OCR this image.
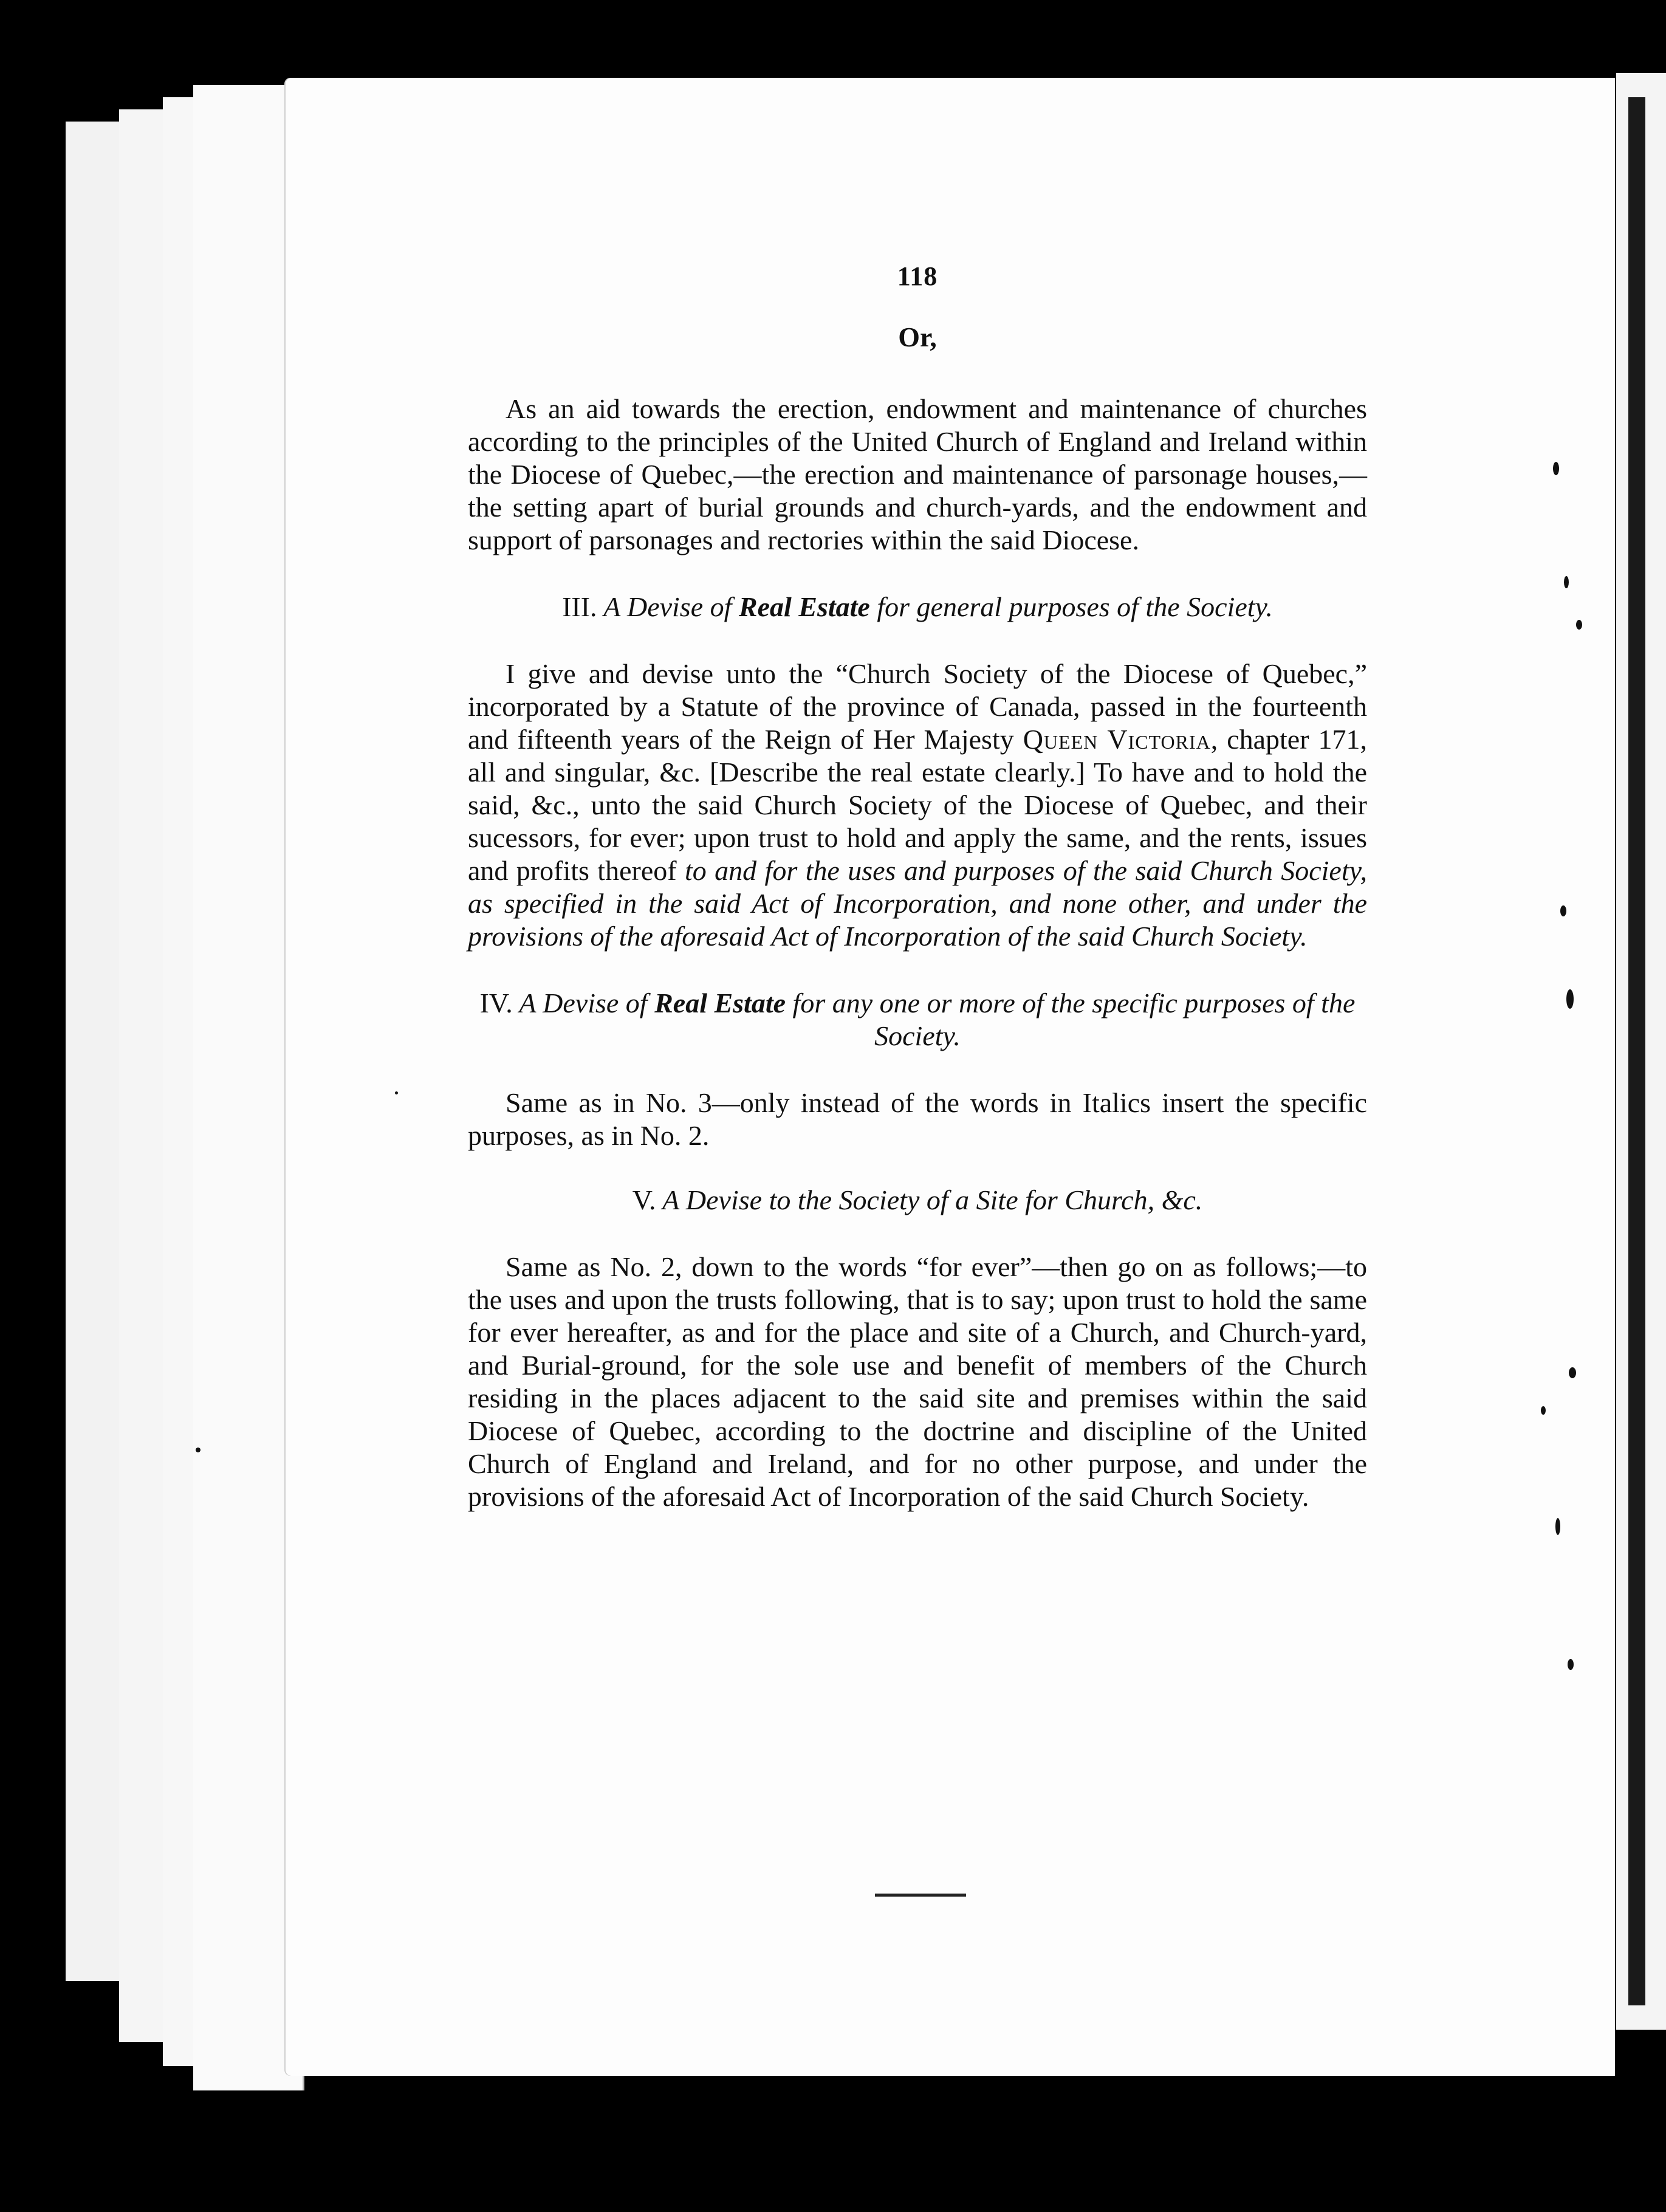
118
Or,

As an aid towards the erection, endowment and maintenance of churches according to the principles of the United Church of England and Ireland within the Diocese of Quebec,—the erection and maintenance of parsonage houses,—the setting apart of burial grounds and church-yards, and the endowment and support of parsonages and rectories within the said Diocese.

III. A Devise of Real Estate for general purposes of the Society.

I give and devise unto the “Church Society of the Diocese of Quebec,” incorporated by a Statute of the province of Canada, passed in the fourteenth and fifteenth years of the Reign of Her Majesty Queen Victoria, chapter 171, all and singular, &c. [Describe the real estate clearly.] To have and to hold the said, &c., unto the said Church Society of the Diocese of Quebec, and their sucessors, for ever; upon trust to hold and apply the same, and the rents, issues and profits thereof to and for the uses and purposes of the said Church Society, as specified in the said Act of Incorporation, and none other, and under the provisions of the aforesaid Act of Incorporation of the said Church Society.

IV. A Devise of Real Estate for any one or more of the specific purposes of the Society.

Same as in No. 3—only instead of the words in Italics insert the specific purposes, as in No. 2.

V. A Devise to the Society of a Site for Church, &c.

Same as No. 2, down to the words “for ever”—then go on as follows;—to the uses and upon the trusts following, that is to say; upon trust to hold the same for ever hereafter, as and for the place and site of a Church, and Church-yard, and Burial-ground, for the sole use and benefit of members of the Church residing in the places adjacent to the said site and premises within the said Diocese of Quebec, according to the doctrine and discipline of the United Church of England and Ireland, and for no other purpose, and under the provisions of the aforesaid Act of Incorporation of the said Church Society.
